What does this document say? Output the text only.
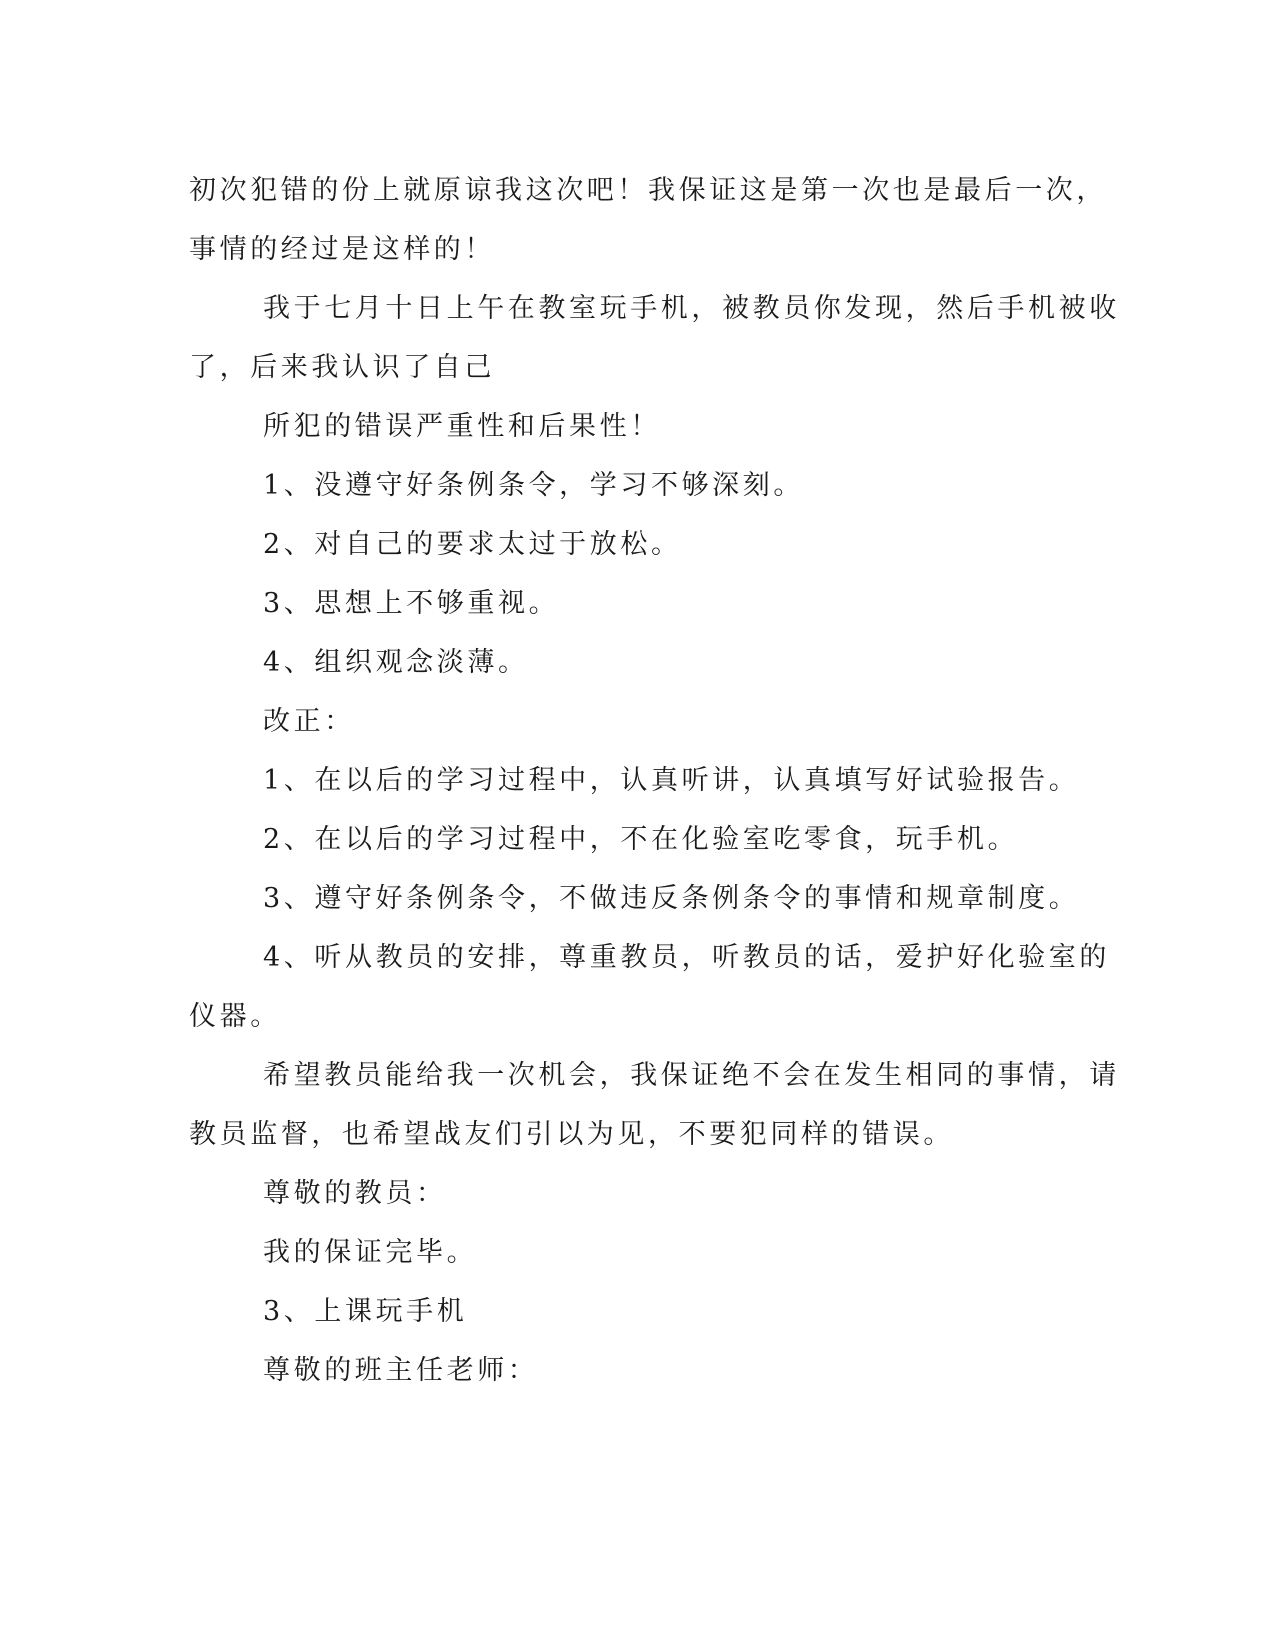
初次犯错的份上就原谅我这次吧！我保证这是第一次也是最后一次，
事情的经过是这样的！
我于七月十日上午在教室玩手机，被教员你发现，然后手机被收
了，后来我认识了自己
所犯的错误严重性和后果性！
1、没遵守好条例条令，学习不够深刻。
2、对自己的要求太过于放松。
3、思想上不够重视。
4、组织观念淡薄。
改正：
1、在以后的学习过程中，认真听讲，认真填写好试验报告。
2、在以后的学习过程中，不在化验室吃零食，玩手机。
3、遵守好条例条令，不做违反条例条令的事情和规章制度。
4、听从教员的安排，尊重教员，听教员的话，爱护好化验室的
仪器。
希望教员能给我一次机会，我保证绝不会在发生相同的事情，请
教员监督，也希望战友们引以为见，不要犯同样的错误。
尊敬的教员：
我的保证完毕。
3、上课玩手机
尊敬的班主任老师：
